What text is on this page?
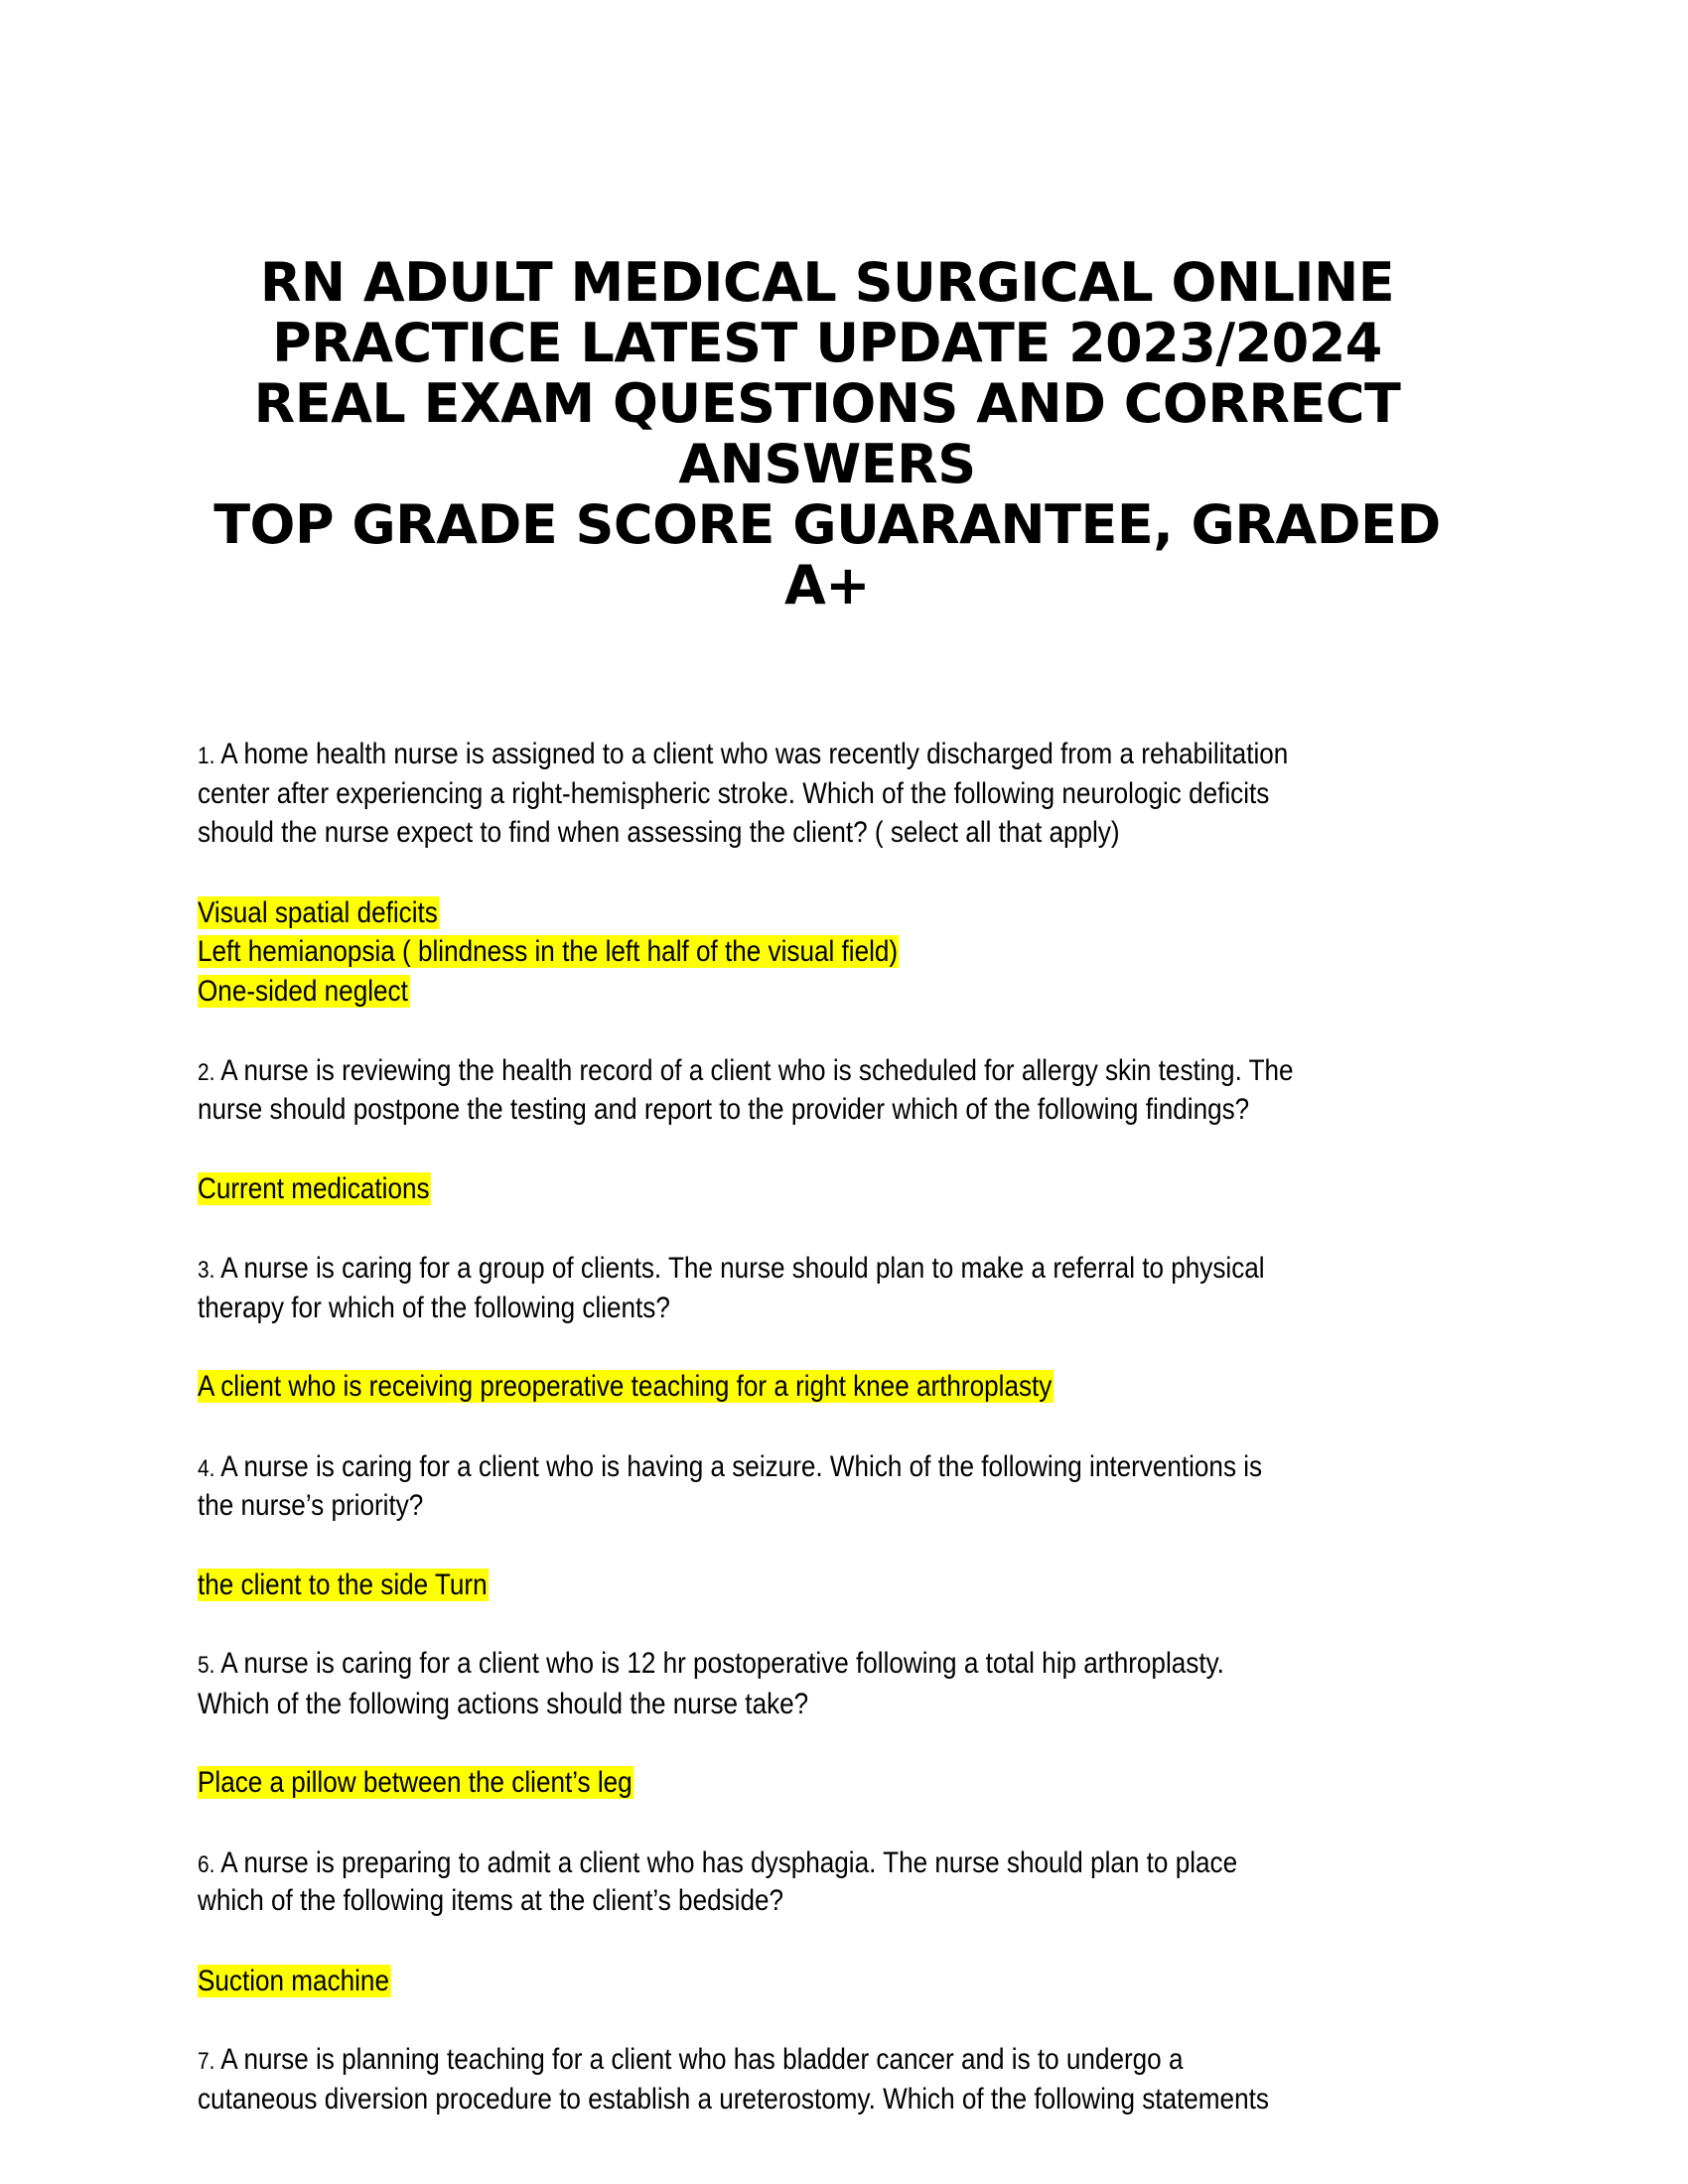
RN ADULT MEDICAL SURGICAL ONLINE
PRACTICE LATEST UPDATE 2023/2024
REAL EXAM QUESTIONS AND CORRECT
ANSWERS
TOP GRADE SCORE GUARANTEE, GRADED
A+
1. A home health nurse is assigned to a client who was recently discharged from a rehabilitation
center after experiencing a right-hemispheric stroke. Which of the following neurologic deficits
should the nurse expect to find when assessing the client? ( select all that apply)
Visual spatial deficits
Left hemianopsia ( blindness in the left half of the visual field)
One-sided neglect
2. A nurse is reviewing the health record of a client who is scheduled for allergy skin testing. The
nurse should postpone the testing and report to the provider which of the following findings?
Current medications
3. A nurse is caring for a group of clients. The nurse should plan to make a referral to physical
therapy for which of the following clients?
A client who is receiving preoperative teaching for a right knee arthroplasty
4. A nurse is caring for a client who is having a seizure. Which of the following interventions is
the nurse’s priority?
the client to the side Turn
5. A nurse is caring for a client who is 12 hr postoperative following a total hip arthroplasty.
Which of the following actions should the nurse take?
Place a pillow between the client’s leg
6. A nurse is preparing to admit a client who has dysphagia. The nurse should plan to place
which of the following items at the client’s bedside?
Suction machine
7. A nurse is planning teaching for a client who has bladder cancer and is to undergo a
cutaneous diversion procedure to establish a ureterostomy. Which of the following statements
